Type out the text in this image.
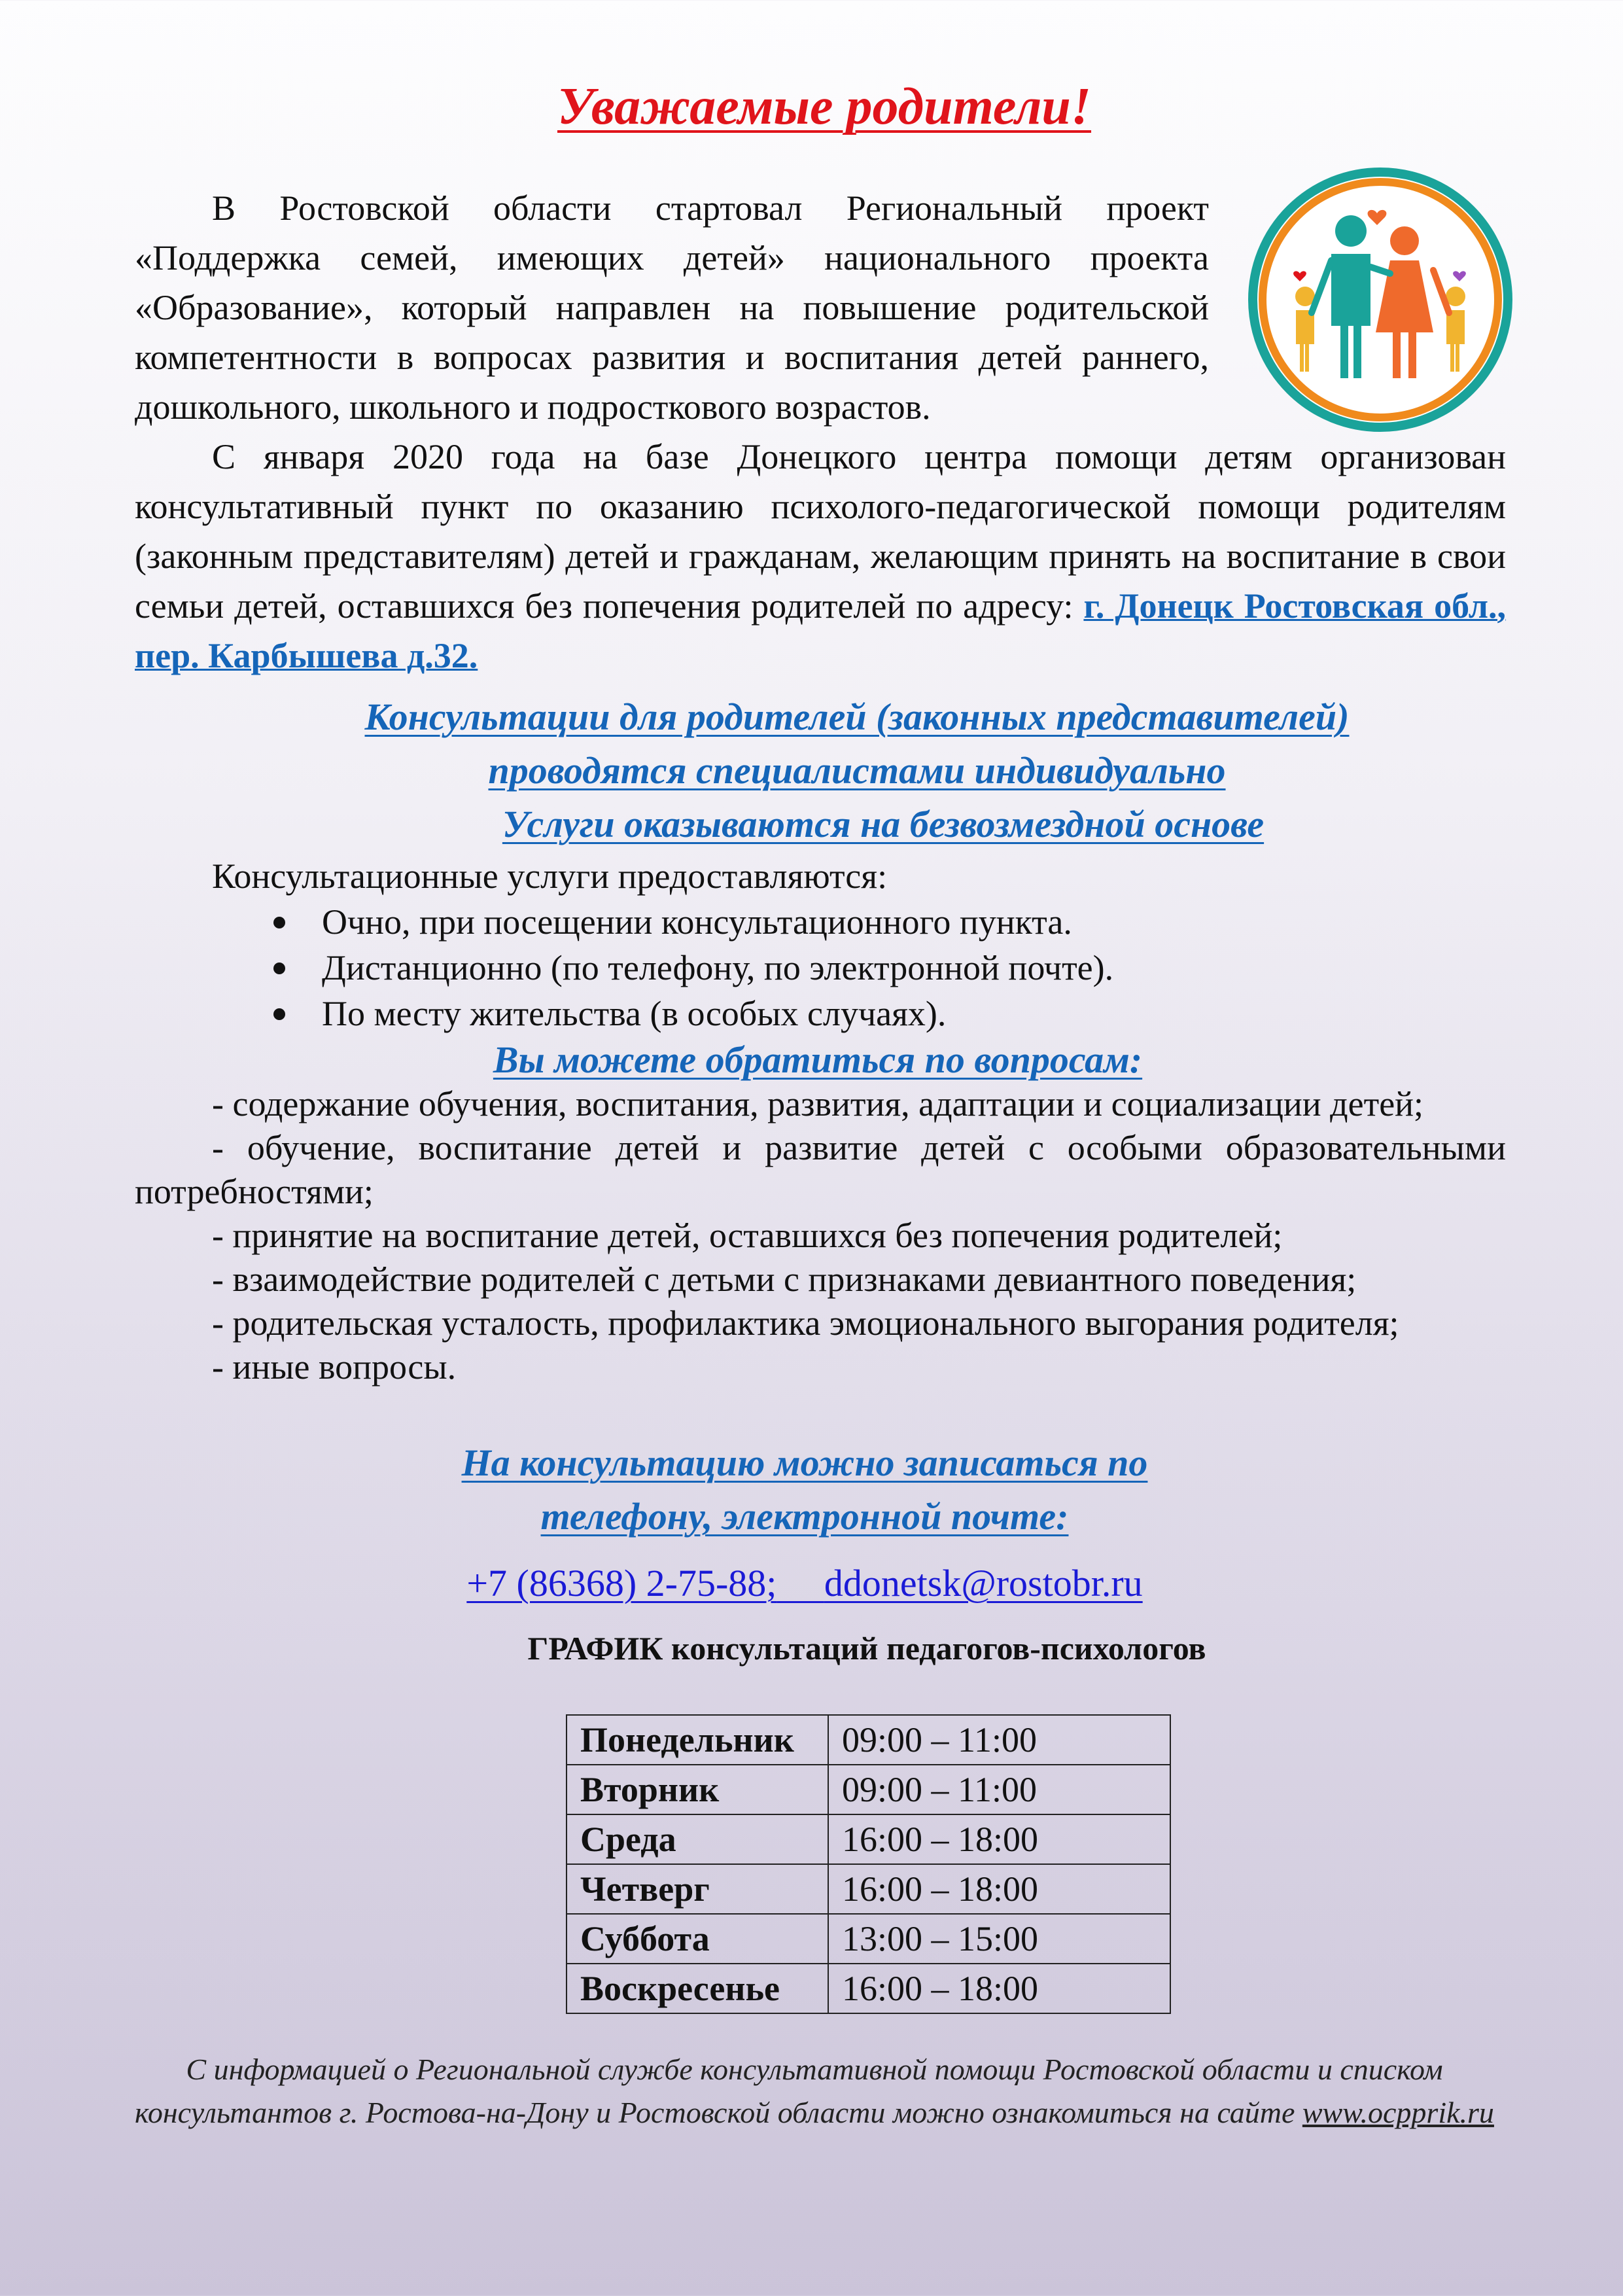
Уважаемые родители!

В Ростовской области стартовал Региональный проект «Поддержка семей, имеющих детей» национального проекта «Образование», который направлен на повышение родительской компетентности в вопросах развития и воспитания детей раннего, дошкольного, школьного и подросткового возрастов.

С января 2020 года на базе Донецкого центра помощи детям организован консультативный пункт по оказанию психолого-педагогической помощи родителям (законным представителям) детей и гражданам, желающим принять на воспитание в свои семьи детей, оставшихся без попечения родителей по адресу: г. Донецк Ростовская обл., пер. Карбышева д.32.

Консультации для родителей (законных представителей)
проводятся специалистами индивидуально
Услуги оказываются на безвозмездной основе
Консультационные услуги предоставляются:
Очно, при посещении консультационного пункта.
Дистанционно (по телефону, по электронной почте).
По месту жительства (в особых случаях).
Вы можете обратиться по вопросам:

- содержание обучения, воспитания, развития, адаптации и социализации детей;

- обучение, воспитание детей и развитие детей с особыми образовательными потребностями;

- принятие на воспитание детей, оставшихся без попечения родителей;

- взаимодействие родителей с детьми с признаками девиантного поведения;

- родительская усталость, профилактика эмоционального выгорания родителя;

- иные вопросы.

На консультацию можно записаться по
телефону, электронной почте:
+7 (86368) 2-75-88; ddonetsk@rostobr.ru
ГРАФИК консультаций педагогов-психологов
Понедельник	09:00 – 11:00
Вторник	09:00 – 11:00
Среда	16:00 – 18:00
Четверг	16:00 – 18:00
Суббота	13:00 – 15:00
Воскресенье	16:00 – 18:00
С информацией о Региональной службе консультативной помощи Ростовской области и списком консультантов г. Ростова-на-Дону и Ростовской области можно ознакомиться на сайте www.ocpprik.ru
